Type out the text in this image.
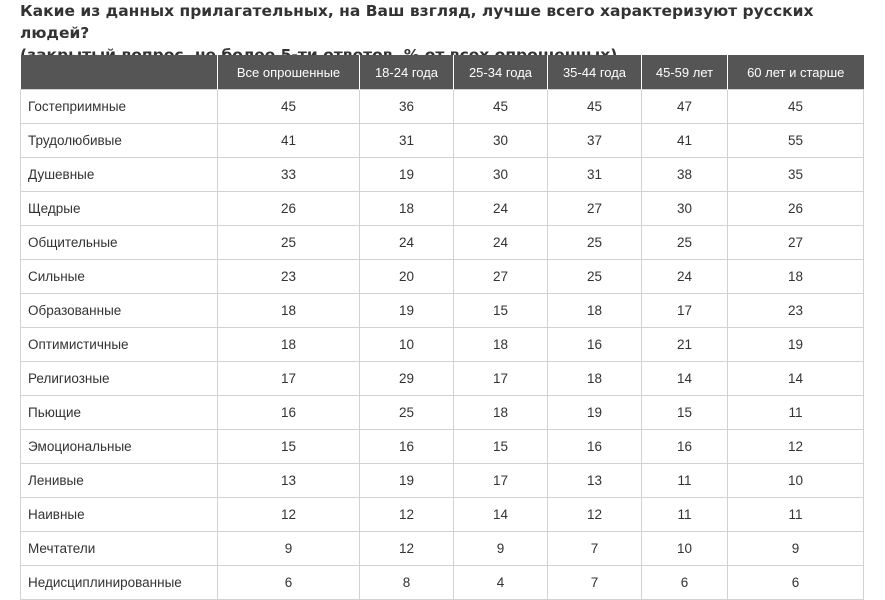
Какие из данных прилагательных, на Ваш взгляд, лучше всего характеризуют русских людей?
	Все опрошенные	18-24 года	25-34 года	35-44 года	45-59 лет	60 лет и старше
Гостеприимные	45	36	45	45	47	45
Трудолюбивые	41	31	30	37	41	55
Душевные	33	19	30	31	38	35
Щедрые	26	18	24	27	30	26
Общительные	25	24	24	25	25	27
Сильные	23	20	27	25	24	18
Образованные	18	19	15	18	17	23
Оптимистичные	18	10	18	16	21	19
Религиозные	17	29	17	18	14	14
Пьющие	16	25	18	19	15	11
Эмоциональные	15	16	15	16	16	12
Ленивые	13	19	17	13	11	10
Наивные	12	12	14	12	11	11
Мечтатели	9	12	9	7	10	9
Недисциплинированные	6	8	4	7	6	6
